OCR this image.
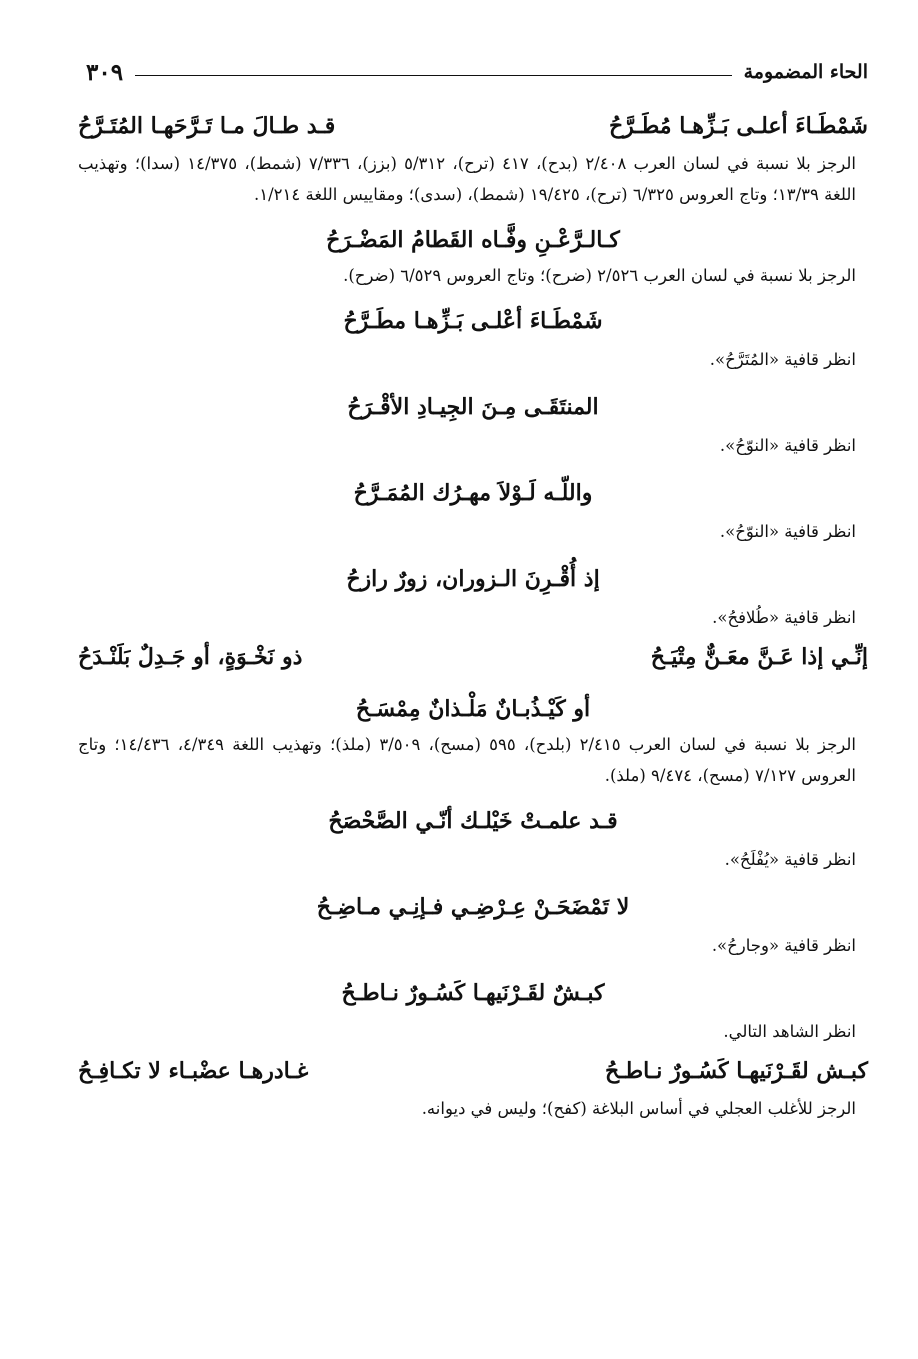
الحاء المضمومة
٣٠٩
شَمْطَـاءَ أعلـى بَـزِّهـا مُطَـرَّحُ
قـد طـالَ مـا تَـرَّحَهـا المُتَـرَّحُ

الرجز بلا نسبة في لسان العرب ٢/٤٠٨ (بدح)، ٤١٧ (ترح)، ٥/٣١٢ (بزز)، ٧/٣٣٦ (شمط)، ١٤/٣٧٥ (سدا)؛ وتهذيب اللغة ١٣/٣٩؛ وتاج العروس ٦/٣٢٥ (ترح)، ١٩/٤٢٥ (شمط)، (سدى)؛ ومقاييس اللغة ١/٢١٤.

كـالـرَّعْـنِ وفَّـاه القَطامُ المَضْـرَحُ

الرجز بلا نسبة في لسان العرب ٢/٥٢٦ (ضرح)؛ وتاج العروس ٦/٥٢٩ (ضرح).

شَمْطَـاءَ أعْلـى بَـزِّهـا مطَـرَّحُ

انظر قافية «المُتَرَّحُ».

المنتَقَـى مِـنَ الجِيـادِ الأقْـرَحُ

انظر قافية «النوّحُ».

واللّـه لَـوْلاَ مهـرُك المُمَـرَّحُ

انظر قافية «النوّحُ».

إذ أُقْـرِنَ الـزوران، زورٌ رازحُ

انظر قافية «طُلافحُ».

إنِّـي إذا عَـنَّ معَـنٌّ مِتْيَـحُ
ذو نَخْـوَةٍ، أو جَـدِلٌ بَلَنْـدَحُ
أو كَيْـذُبـانٌ مَلْـذانٌ مِمْسَـحُ

الرجز بلا نسبة في لسان العرب ٢/٤١٥ (بلدح)، ٥٩٥ (مسح)، ٣/٥٠٩ (ملذ)؛ وتهذيب اللغة ٤/٣٤٩، ١٤/٤٣٦؛ وتاج العروس ٧/١٢٧ (مسح)، ٩/٤٧٤ (ملذ).

قـد علمـتْ خَيْلـك أنّـي الصَّحْصَحُ

انظر قافية «يُفْلَحُ».

لا تَمْضَحَـنْ عِـرْضِـي فـإنِـي مـاضِـحُ

انظر قافية «وجارحُ».

كبـشٌ لقَـرْنَيهـا كَسُـورٌ نـاطـحُ

انظر الشاهد التالي.

كبـش لقَـرْنَيهـا كَسُـورٌ نـاطـحُ
غـادرهـا عضْبـاء لا تكـافِـحُ

الرجز للأغلب العجلي في أساس البلاغة (كفح)؛ وليس في ديوانه.
